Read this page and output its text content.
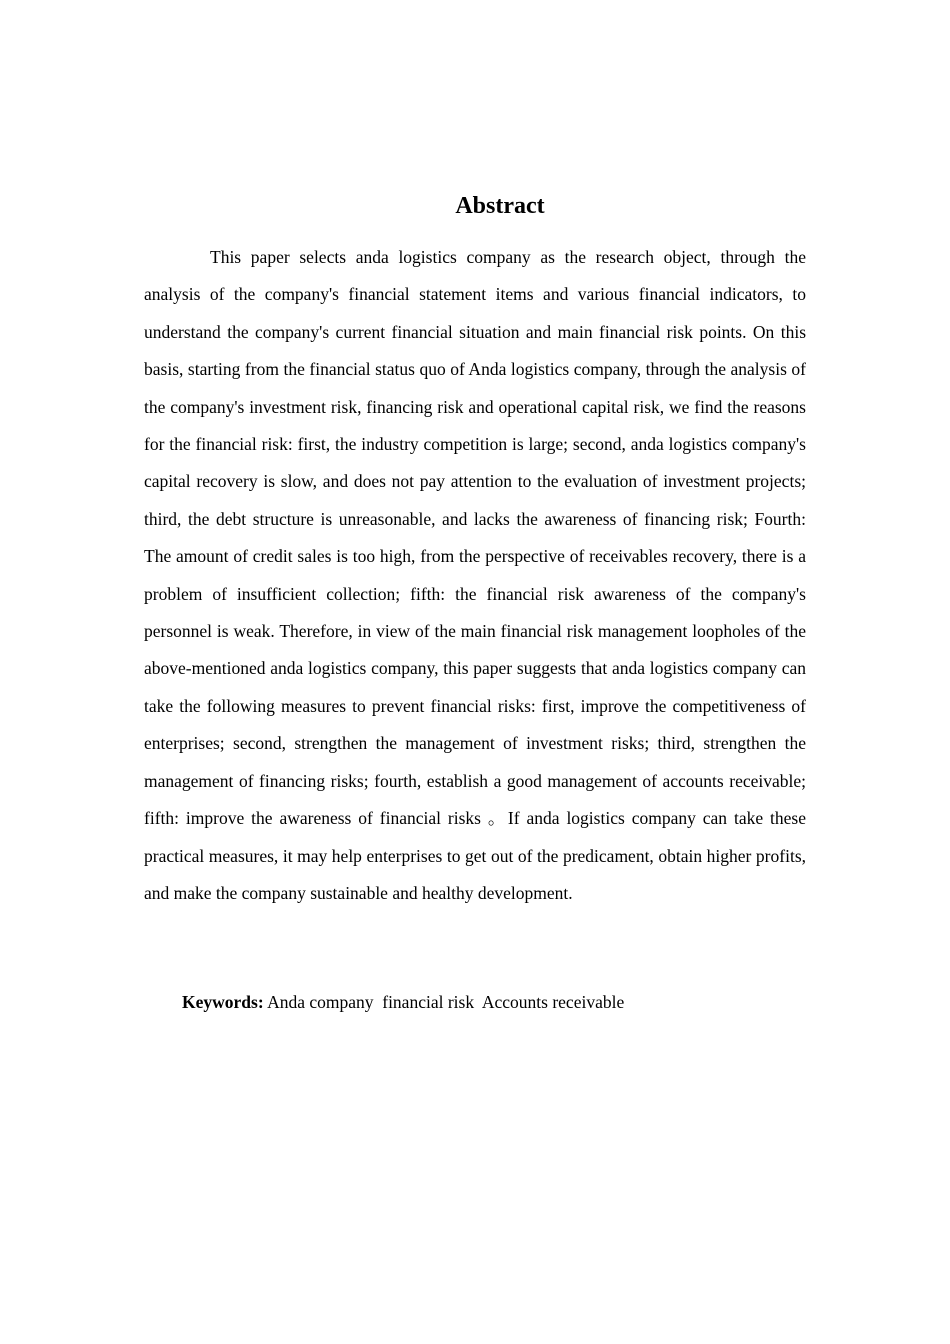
Abstract

This paper selects anda logistics company as the research object, through the analysis of the company's financial statement items and various financial indicators, to understand the company's current financial situation and main financial risk points. On this basis, starting from the financial status quo of Anda logistics company, through the analysis of the company's investment risk, financing risk and operational capital risk, we find the reasons for the financial risk: first, the industry competition is large; second, anda logistics company's capital recovery is slow, and does not pay attention to the evaluation of investment projects; third, the debt structure is unreasonable, and lacks the awareness of financing risk; Fourth: The amount of credit sales is too high, from the perspective of receivables recovery, there is a problem of insufficient collection; fifth: the financial risk awareness of the company's personnel is weak. Therefore, in view of the main financial risk management loopholes of the above-mentioned anda logistics company, this paper suggests that anda logistics company can take the following measures to prevent financial risks: first, improve the competitiveness of enterprises; second, strengthen the management of investment risks; third, strengthen the management of financing risks; fourth, establish a good management of accounts receivable; fifth: improve the awareness of financial risks 。If anda logistics company can take these practical measures, it may help enterprises to get out of the predicament, obtain higher profits, and make the company sustainable and healthy development.

Keywords: Anda company  financial risk  Accounts receivable
